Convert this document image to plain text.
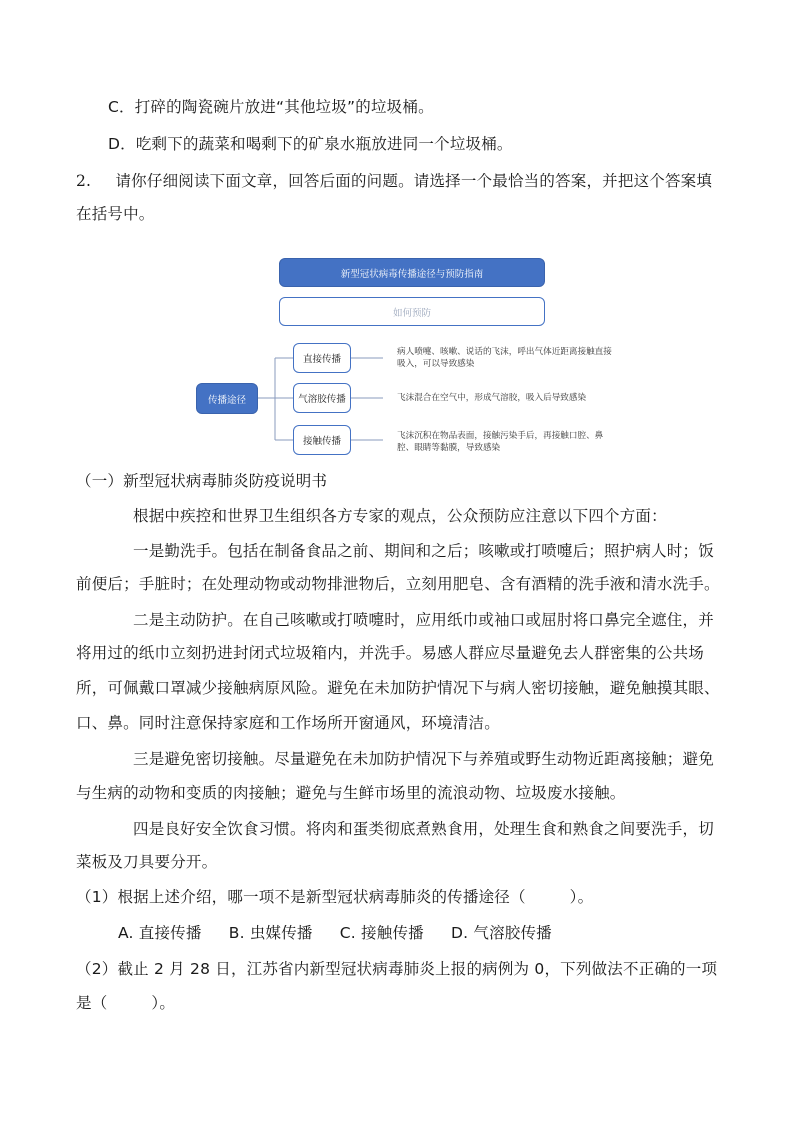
C．打碎的陶瓷碗片放进“其他垃圾”的垃圾桶。
D．吃剩下的蔬菜和喝剩下的矿泉水瓶放进同一个垃圾桶。
2. 请你仔细阅读下面文章，回答后面的问题。请选择一个最恰当的答案，并把这个答案填
在括号中。
新型冠状病毒传播途径与预防指南
如何预防
传播途径
直接传播
气溶胶传播
接触传播
病人喷嚏、咳嗽、说话的飞沫，呼出气体近距离接触直接吸入，可以导致感染
飞沫混合在空气中，形成气溶胶，吸入后导致感染
飞沫沉积在物品表面，接触污染手后，再接触口腔、鼻腔、眼睛等黏膜，导致感染
（一）新型冠状病毒肺炎防疫说明书
根据中疾控和世界卫生组织各方专家的观点，公众预防应注意以下四个方面：
一是勤洗手。包括在制备食品之前、期间和之后；咳嗽或打喷嚏后；照护病人时；饭
前便后；手脏时；在处理动物或动物排泄物后，立刻用肥皂、含有酒精的洗手液和清水洗手。
二是主动防护。在自己咳嗽或打喷嚏时，应用纸巾或袖口或屈肘将口鼻完全遮住，并
将用过的纸巾立刻扔进封闭式垃圾箱内，并洗手。易感人群应尽量避免去人群密集的公共场
所，可佩戴口罩减少接触病原风险。避免在未加防护情况下与病人密切接触，避免触摸其眼、
口、鼻。同时注意保持家庭和工作场所开窗通风，环境清洁。
三是避免密切接触。尽量避免在未加防护情况下与养殖或野生动物近距离接触；避免
与生病的动物和变质的肉接触；避免与生鲜市场里的流浪动物、垃圾废水接触。
四是良好安全饮食习惯。将肉和蛋类彻底煮熟食用，处理生食和熟食之间要洗手，切
菜板及刀具要分开。
（1）根据上述介绍，哪一项不是新型冠状病毒肺炎的传播途径（	）。
A. 直接传播 B. 虫媒传播 C. 接触传播 D. 气溶胶传播
（2）截止 2 月 28 日，江苏省内新型冠状病毒肺炎上报的病例为 0，下列做法不正确的一项
是（	）。
